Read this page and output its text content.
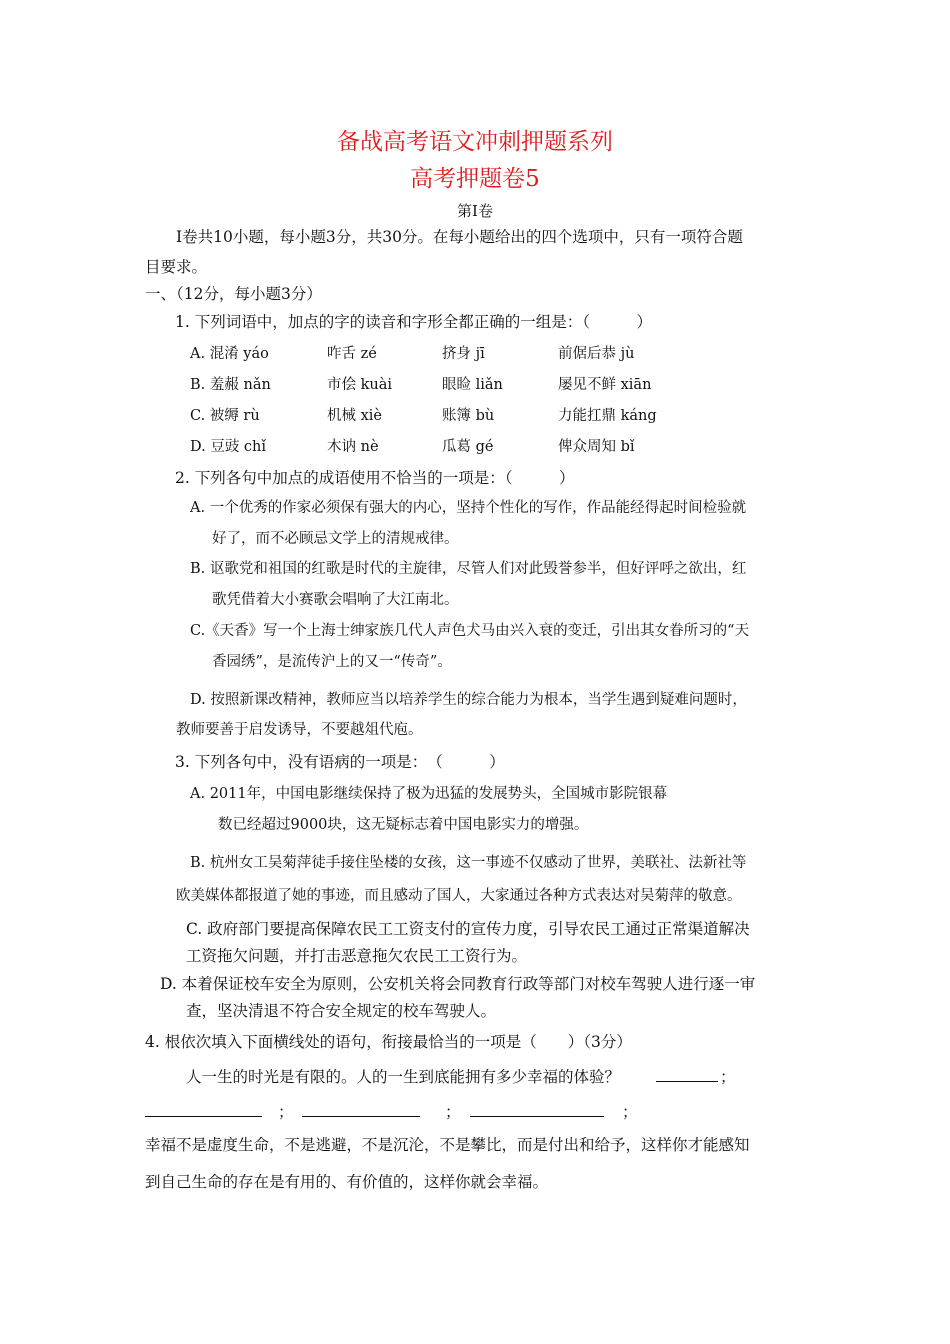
备战高考语文冲刺押题系列
高考押题卷5
第Ⅰ卷
Ⅰ卷共10小题，每小题3分，共30分。在每小题给出的四个选项中，只有一项符合题
目要求。
一、（12分，每小题3分）
1. 下列词语中，加点的字的读音和字形全都正确的一组是：（　　　）
A. 混淆 yáo	咋舌 zé	挤身 jī	前倨后恭 jù
B. 羞赧 nǎn	市侩 kuài	眼睑 liǎn	屡见不鲜 xiān
C. 被缛 rù	机械 xiè	账簿 bù	力能扛鼎 káng
D. 豆豉 chǐ	木讷 nè	瓜葛 gé	俾众周知 bǐ
2. 下列各句中加点的成语使用不恰当的一项是：（　　　）
A. 一个优秀的作家必须保有强大的内心，坚持个性化的写作，作品能经得起时间检验就
好了，而不必顾忌文学上的清规戒律。
B. 讴歌党和祖国的红歌是时代的主旋律，尽管人们对此毁誉参半，但好评呼之欲出，红
歌凭借着大小赛歌会唱响了大江南北。
C.《天香》写一个上海士绅家族几代人声色犬马由兴入衰的变迁，引出其女眷所习的“天
香园绣”，是流传沪上的又一“传奇”。
D. 按照新课改精神，教师应当以培养学生的综合能力为根本，当学生遇到疑难问题时，
教师要善于启发诱导，不要越俎代庖。
3. 下列各句中，没有语病的一项是：　（　　　）
A. 2011年，中国电影继续保持了极为迅猛的发展势头，全国城市影院银幕
数已经超过9000块，这无疑标志着中国电影实力的增强。
B. 杭州女工吴菊萍徒手接住坠楼的女孩，这一事迹不仅感动了世界，美联社、法新社等
欧美媒体都报道了她的事迹，而且感动了国人，大家通过各种方式表达对吴菊萍的敬意。
C. 政府部门要提高保障农民工工资支付的宣传力度，引导农民工通过正常渠道解决
工资拖欠问题，并打击恶意拖欠农民工工资行为。
D. 本着保证校车安全为原则，公安机关将会同教育行政等部门对校车驾驶人进行逐一审
查，坚决清退不符合安全规定的校车驾驶人。
4. 根依次填入下面横线处的语句，衔接最恰当的一项是（　　）（3分）
人一生的时光是有限的。人的一生到底能拥有多少幸福的体验？	；
；	；	；
幸福不是虚度生命，不是逃避，不是沉沦，不是攀比，而是付出和给予，这样你才能感知
到自己生命的存在是有用的、有价值的，这样你就会幸福。
